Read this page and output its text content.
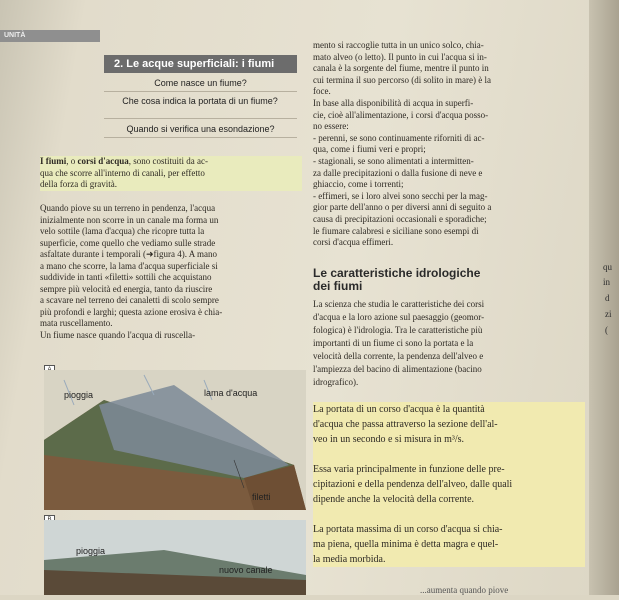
UNITÀ
2. Le acque superficiali: i fiumi
Come nasce un fiume?
Che cosa indica la portata di un fiume?
Quando si verifica una esondazione?

I fiumi, o corsi d'acqua, sono costituiti da ac-
qua che scorre all'interno di canali, per effetto
della forza di gravità.

Quando piove su un terreno in pendenza, l'acqua
inizialmente non scorre in un canale ma forma un
velo sottile (lama d'acqua) che ricopre tutta la
superficie, come quello che vediamo sulle strade
asfaltate durante i temporali (➜figura 4). A mano
a mano che scorre, la lama d'acqua superficiale si
suddivide in tanti «filetti» sottili che acquistano
sempre più velocità ed energia, tanto da riuscire
a scavare nel terreno dei canaletti di scolo sempre
più profondi e larghi; questa azione erosiva è chia-
mata ruscellamento.
Un fiume nasce quando l'acqua di ruscella-
pioggia	lama d'acqua
filetti
pioggia
nuovo canale
mento si raccoglie tutta in un unico solco, chia-
mato alveo (o letto). Il punto in cui l'acqua si in-
canala è la sorgente del fiume, mentre il punto in
cui termina il suo percorso (di solito in mare) è la
foce.
In base alla disponibilità di acqua in superfi-
cie, cioè all'alimentazione, i corsi d'acqua posso-
no essere:
- perenni, se sono continuamente riforniti di ac-
qua, come i fiumi veri e propri;
- stagionali, se sono alimentati a intermitten-
za dalle precipitazioni o dalla fusione di neve e
ghiaccio, come i torrenti;
- effimeri, se i loro alvei sono secchi per la mag-
gior parte dell'anno o per diversi anni di seguito a
causa di precipitazioni occasionali e sporadiche;
le fiumare calabresi e siciliane sono esempi di
corsi d'acqua effimeri.
Le caratteristiche idrologiche
dei fiumi
La scienza che studia le caratteristiche dei corsi
d'acqua e la loro azione sul paesaggio (geomor-
fologica) è l'idrologia. Tra le caratteristiche più
importanti di un fiume ci sono la portata e la
velocità della corrente, la pendenza dell'alveo e
l'ampiezza del bacino di alimentazione (bacino
idrografico).
La portata di un corso d'acqua è la quantità
d'acqua che passa attraverso la sezione dell'al-
veo in un secondo e si misura in m³/s.

Essa varia principalmente in funzione delle pre-
cipitazioni e della pendenza dell'alveo, dalle quali
dipende anche la velocità della corrente.

La portata massima di un corso d'acqua si chia-
ma piena, quella minima è detta magra e quel-
la media morbida.
...aumenta quando piove
qu
in
d
zi
(
